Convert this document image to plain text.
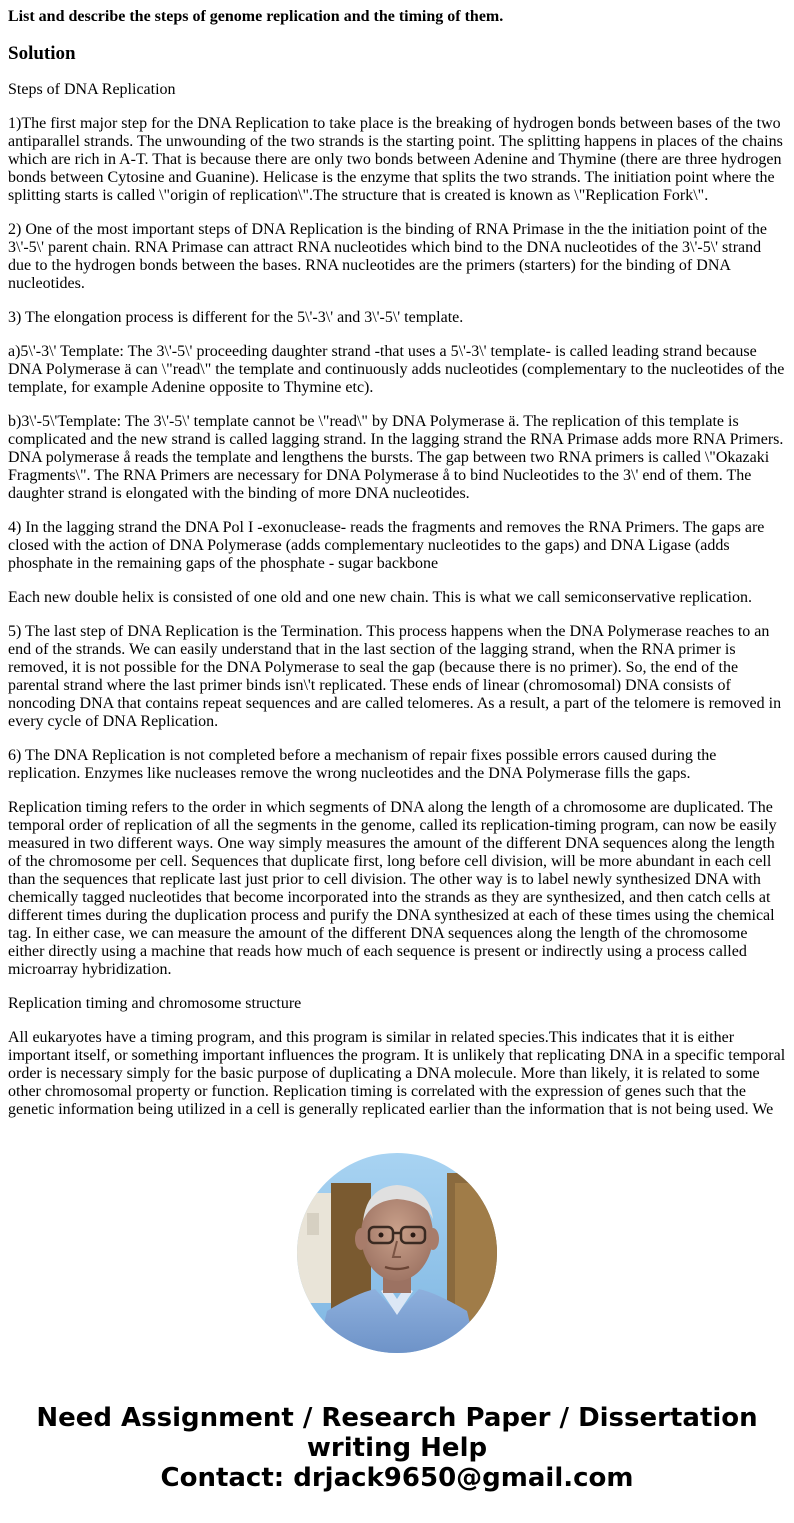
List and describe the steps of genome replication and the timing of them.
Solution

Steps of DNA Replication

1)The first major step for the DNA Replication to take place is the breaking of hydrogen bonds between bases of the two antiparallel strands. The unwounding of the two strands is the starting point. The splitting happens in places of the chains which are rich in A-T. That is because there are only two bonds between Adenine and Thymine (there are three hydrogen bonds between Cytosine and Guanine). Helicase is the enzyme that splits the two strands. The initiation point where the splitting starts is called \"origin of replication\".The structure that is created is known as \"Replication Fork\".

2) One of the most important steps of DNA Replication is the binding of RNA Primase in the the initiation point of the 3\'-5\' parent chain. RNA Primase can attract RNA nucleotides which bind to the DNA nucleotides of the 3\'-5\' strand due to the hydrogen bonds between the bases. RNA nucleotides are the primers (starters) for the binding of DNA nucleotides.

3) The elongation process is different for the 5\'-3\' and 3\'-5\' template.

a)5\'-3\' Template: The 3\'-5\' proceeding daughter strand -that uses a 5\'-3\' template- is called leading strand because DNA Polymerase ä can \"read\" the template and continuously adds nucleotides (complementary to the nucleotides of the template, for example Adenine opposite to Thymine etc).

b)3\'-5\'Template: The 3\'-5\' template cannot be \"read\" by DNA Polymerase ä. The replication of this template is complicated and the new strand is called lagging strand. In the lagging strand the RNA Primase adds more RNA Primers. DNA polymerase å reads the template and lengthens the bursts. The gap between two RNA primers is called \"Okazaki Fragments\". The RNA Primers are necessary for DNA Polymerase å to bind Nucleotides to the 3\' end of them. The daughter strand is elongated with the binding of more DNA nucleotides.

4) In the lagging strand the DNA Pol I -exonuclease- reads the fragments and removes the RNA Primers. The gaps are closed with the action of DNA Polymerase (adds complementary nucleotides to the gaps) and DNA Ligase (adds phosphate in the remaining gaps of the phosphate - sugar backbone

Each new double helix is consisted of one old and one new chain. This is what we call semiconservative replication.

5) The last step of DNA Replication is the Termination. This process happens when the DNA Polymerase reaches to an end of the strands. We can easily understand that in the last section of the lagging strand, when the RNA primer is removed, it is not possible for the DNA Polymerase to seal the gap (because there is no primer). So, the end of the parental strand where the last primer binds isn\'t replicated. These ends of linear (chromosomal) DNA consists of noncoding DNA that contains repeat sequences and are called telomeres. As a result, a part of the telomere is removed in every cycle of DNA Replication.

6) The DNA Replication is not completed before a mechanism of repair fixes possible errors caused during the replication. Enzymes like nucleases remove the wrong nucleotides and the DNA Polymerase fills the gaps.

Replication timing refers to the order in which segments of DNA along the length of a chromosome are duplicated. The temporal order of replication of all the segments in the genome, called its replication-timing program, can now be easily measured in two different ways. One way simply measures the amount of the different DNA sequences along the length of the chromosome per cell. Sequences that duplicate first, long before cell division, will be more abundant in each cell than the sequences that replicate last just prior to cell division. The other way is to label newly synthesized DNA with chemically tagged nucleotides that become incorporated into the strands as they are synthesized, and then catch cells at different times during the duplication process and purify the DNA synthesized at each of these times using the chemical tag. In either case, we can measure the amount of the different DNA sequences along the length of the chromosome either directly using a machine that reads how much of each sequence is present or indirectly using a process called microarray hybridization.

Replication timing and chromosome structure

All eukaryotes have a timing program, and this program is similar in related species.This indicates that it is either important itself, or something important influences the program. It is unlikely that replicating DNA in a specific temporal order is necessary simply for the basic purpose of duplicating a DNA molecule. More than likely, it is related to some other chromosomal property or function. Replication timing is correlated with the expression of genes such that the genetic information being utilized in a cell is generally replicated earlier than the information that is not being used. We

Need Assignment / Research Paper / Dissertation
writing Help
Contact: drjack9650@gmail.com
